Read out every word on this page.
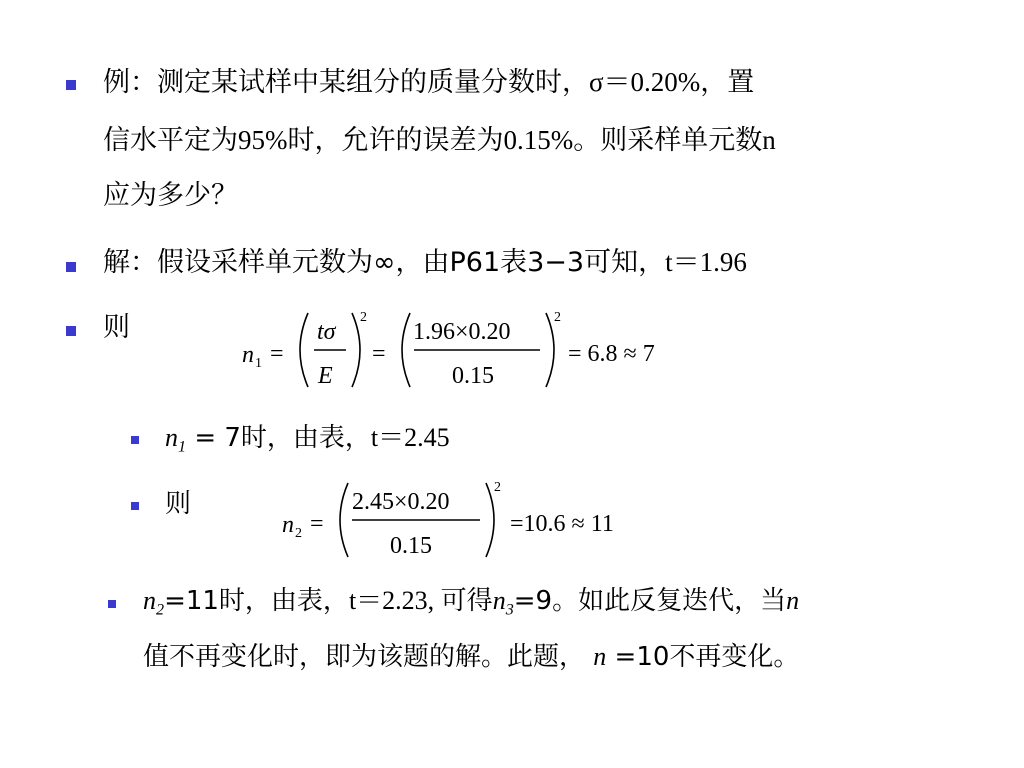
例：测定某试样中某组分的质量分数时，σ＝0.20%，置
信水平定为95%时，允许的误差为0.15%。则采样单元数n
应为多少？
解：假设采样单元数为∞，由P61表3−3可知，t＝1.96
则
n 1 =
tσ
E
2
=
1.96×0.20
0.15
2
= 6.8 ≈ 7
$n_1 = 7$时，由表，t＝2.45
则
n 2 =
2.45×0.20
0.15
2
=10.6 ≈ 11
$n_2=11$时，由表，t＝2.23, 可得$n_3=9$。如此反复迭代，当n
值不再变化时，即为该题的解。此题， n =10不再变化。
